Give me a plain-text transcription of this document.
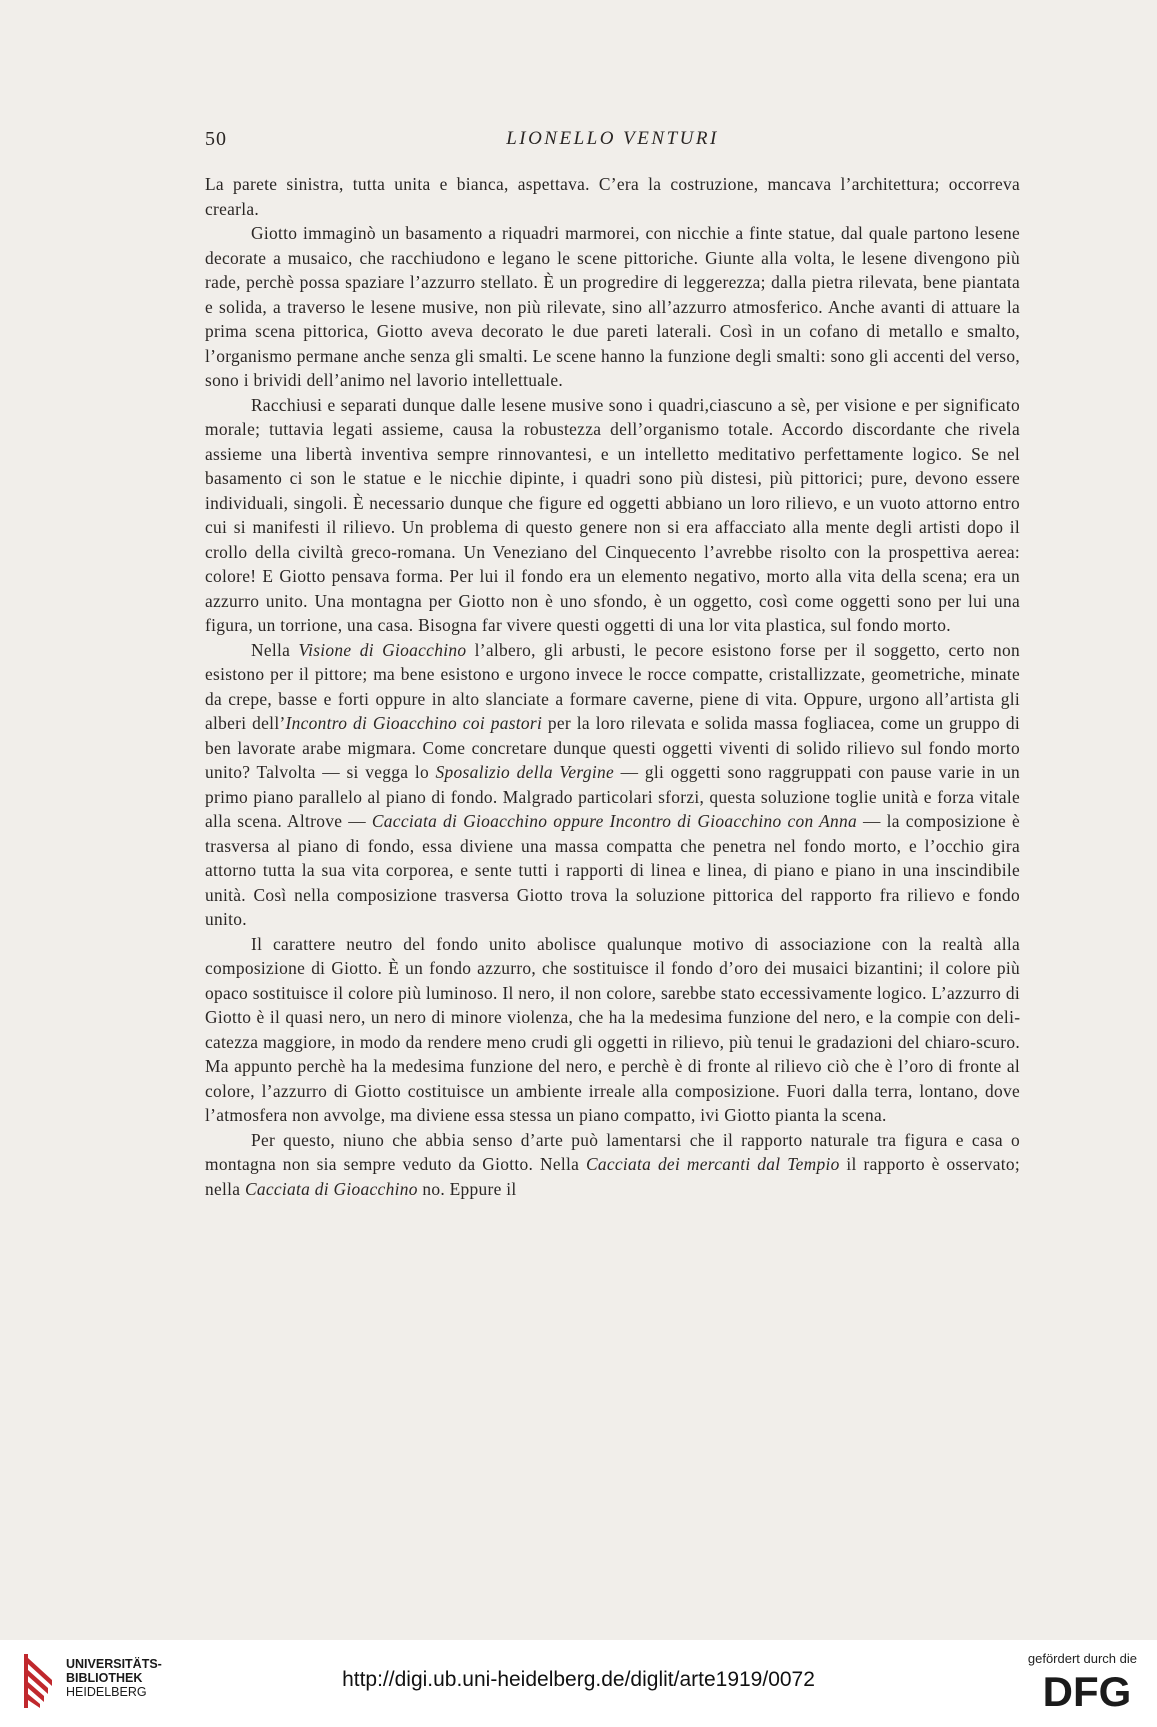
50	LIONELLO VENTURI

La parete sinistra, tutta unita e bianca, aspettava. C’era la costruzione, mancava l’architettura; occorreva crearla.

Giotto immaginò un basamento a riquadri marmorei, con nicchie a finte statue, dal quale partono lesene decorate a musaico, che racchiudono e legano le scene pittoriche. Giunte alla volta, le lesene divengono più rade, perchè possa spaziare l’azzurro stellato. È un progredire di leggerezza; dalla pietra rilevata, bene piantata e solida, a traverso le lesene musive, non più rilevate, sino all’azzurro atmosferico. Anche avanti di attuare la prima scena pittorica, Giotto aveva decorato le due pareti laterali. Così in un cofano di metallo e smalto, l’organismo permane anche senza gli smalti. Le scene hanno la funzione degli smalti: sono gli accenti del verso, sono i brividi dell’animo nel lavorio intellettuale.

Racchiusi e separati dunque dalle lesene musive sono i quadri,ciascuno a sè, per visione e per significato morale; tuttavia legati assieme, causa la robustezza dell’organismo totale. Accordo discordante che rivela assieme una libertà inventiva sempre rinnovantesi, e un intelletto meditativo perfettamente logico. Se nel basamento ci son le statue e le nicchie dipinte, i quadri sono più distesi, più pittorici; pure, devono essere individuali, singoli. È necessario dunque che figure ed oggetti abbiano un loro rilievo, e un vuoto attorno entro cui si manifesti il rilievo. Un problema di questo genere non si era affacciato alla mente degli artisti dopo il crollo della civiltà greco-romana. Un Veneziano del Cinquecento l’avrebbe risolto con la prospettiva aerea: colore! E Giotto pensava forma. Per lui il fondo era un elemento negativo, morto alla vita della scena; era un azzurro unito. Una montagna per Giotto non è uno sfondo, è un oggetto, così come oggetti sono per lui una figura, un torrione, una casa. Bisogna far vivere questi oggetti di una lor vita plastica, sul fondo morto.

Nella Visione di Gioacchino l’albero, gli arbusti, le pecore esistono forse per il soggetto, certo non esistono per il pittore; ma bene esistono e urgono invece le rocce compatte, cristallizzate, geometriche, minate da crepe, basse e forti oppure in alto slanciate a formare caverne, piene di vita. Oppure, urgono all’artista gli alberi dell’Incontro di Gioacchino coi pastori per la loro rilevata e solida massa fogliacea, come un gruppo di ben lavorate arabe migmara. Come concretare dunque questi oggetti viventi di solido rilievo sul fondo morto unito? Talvolta — si vegga lo Sposalizio della Vergine — gli oggetti sono raggruppati con pause varie in un primo piano parallelo al piano di fondo. Malgrado particolari sforzi, questa soluzione toglie unità e forza vitale alla scena. Altrove — Cacciata di Gioacchino oppure Incontro di Gioacchino con Anna — la composizione è trasversa al piano di fondo, essa diviene una massa compatta che penetra nel fondo morto, e l’occhio gira attorno tutta la sua vita corporea, e sente tutti i rapporti di linea e linea, di piano e piano in una inscindibile unità. Così nella composizione trasversa Giotto trova la soluzione pittorica del rapporto fra rilievo e fondo unito.

Il carattere neutro del fondo unito abolisce qualunque motivo di associazione con la realtà alla composizione di Giotto. È un fondo azzurro, che sostituisce il fondo d’oro dei musaici bizantini; il colore più opaco sostituisce il colore più luminoso. Il nero, il non colore, sarebbe stato eccessivamente logico. L’azzurro di Giotto è il quasi nero, un nero di minore violenza, che ha la medesima funzione del nero, e la compie con delicatezza maggiore, in modo da rendere meno crudi gli oggetti in rilievo, più tenui le gradazioni del chiaro-scuro. Ma appunto perchè ha la medesima funzione del nero, e perchè è di fronte al rilievo ciò che è l’oro di fronte al colore, l’azzurro di Giotto costituisce un ambiente irreale alla composizione. Fuori dalla terra, lontano, dove l’atmosfera non avvolge, ma diviene essa stessa un piano compatto, ivi Giotto pianta la scena.

Per questo, niuno che abbia senso d’arte può lamentarsi che il rapporto naturale tra figura e casa o montagna non sia sempre veduto da Giotto. Nella Cacciata dei mercanti dal Tempio il rapporto è osservato; nella Cacciata di Gioacchino no. Eppure il

UNIVERSITÄTS-
BIBLIOTHEK
HEIDELBERG
http://digi.ub.uni-heidelberg.de/diglit/arte1919/0072
gefördert durch die
DFG
